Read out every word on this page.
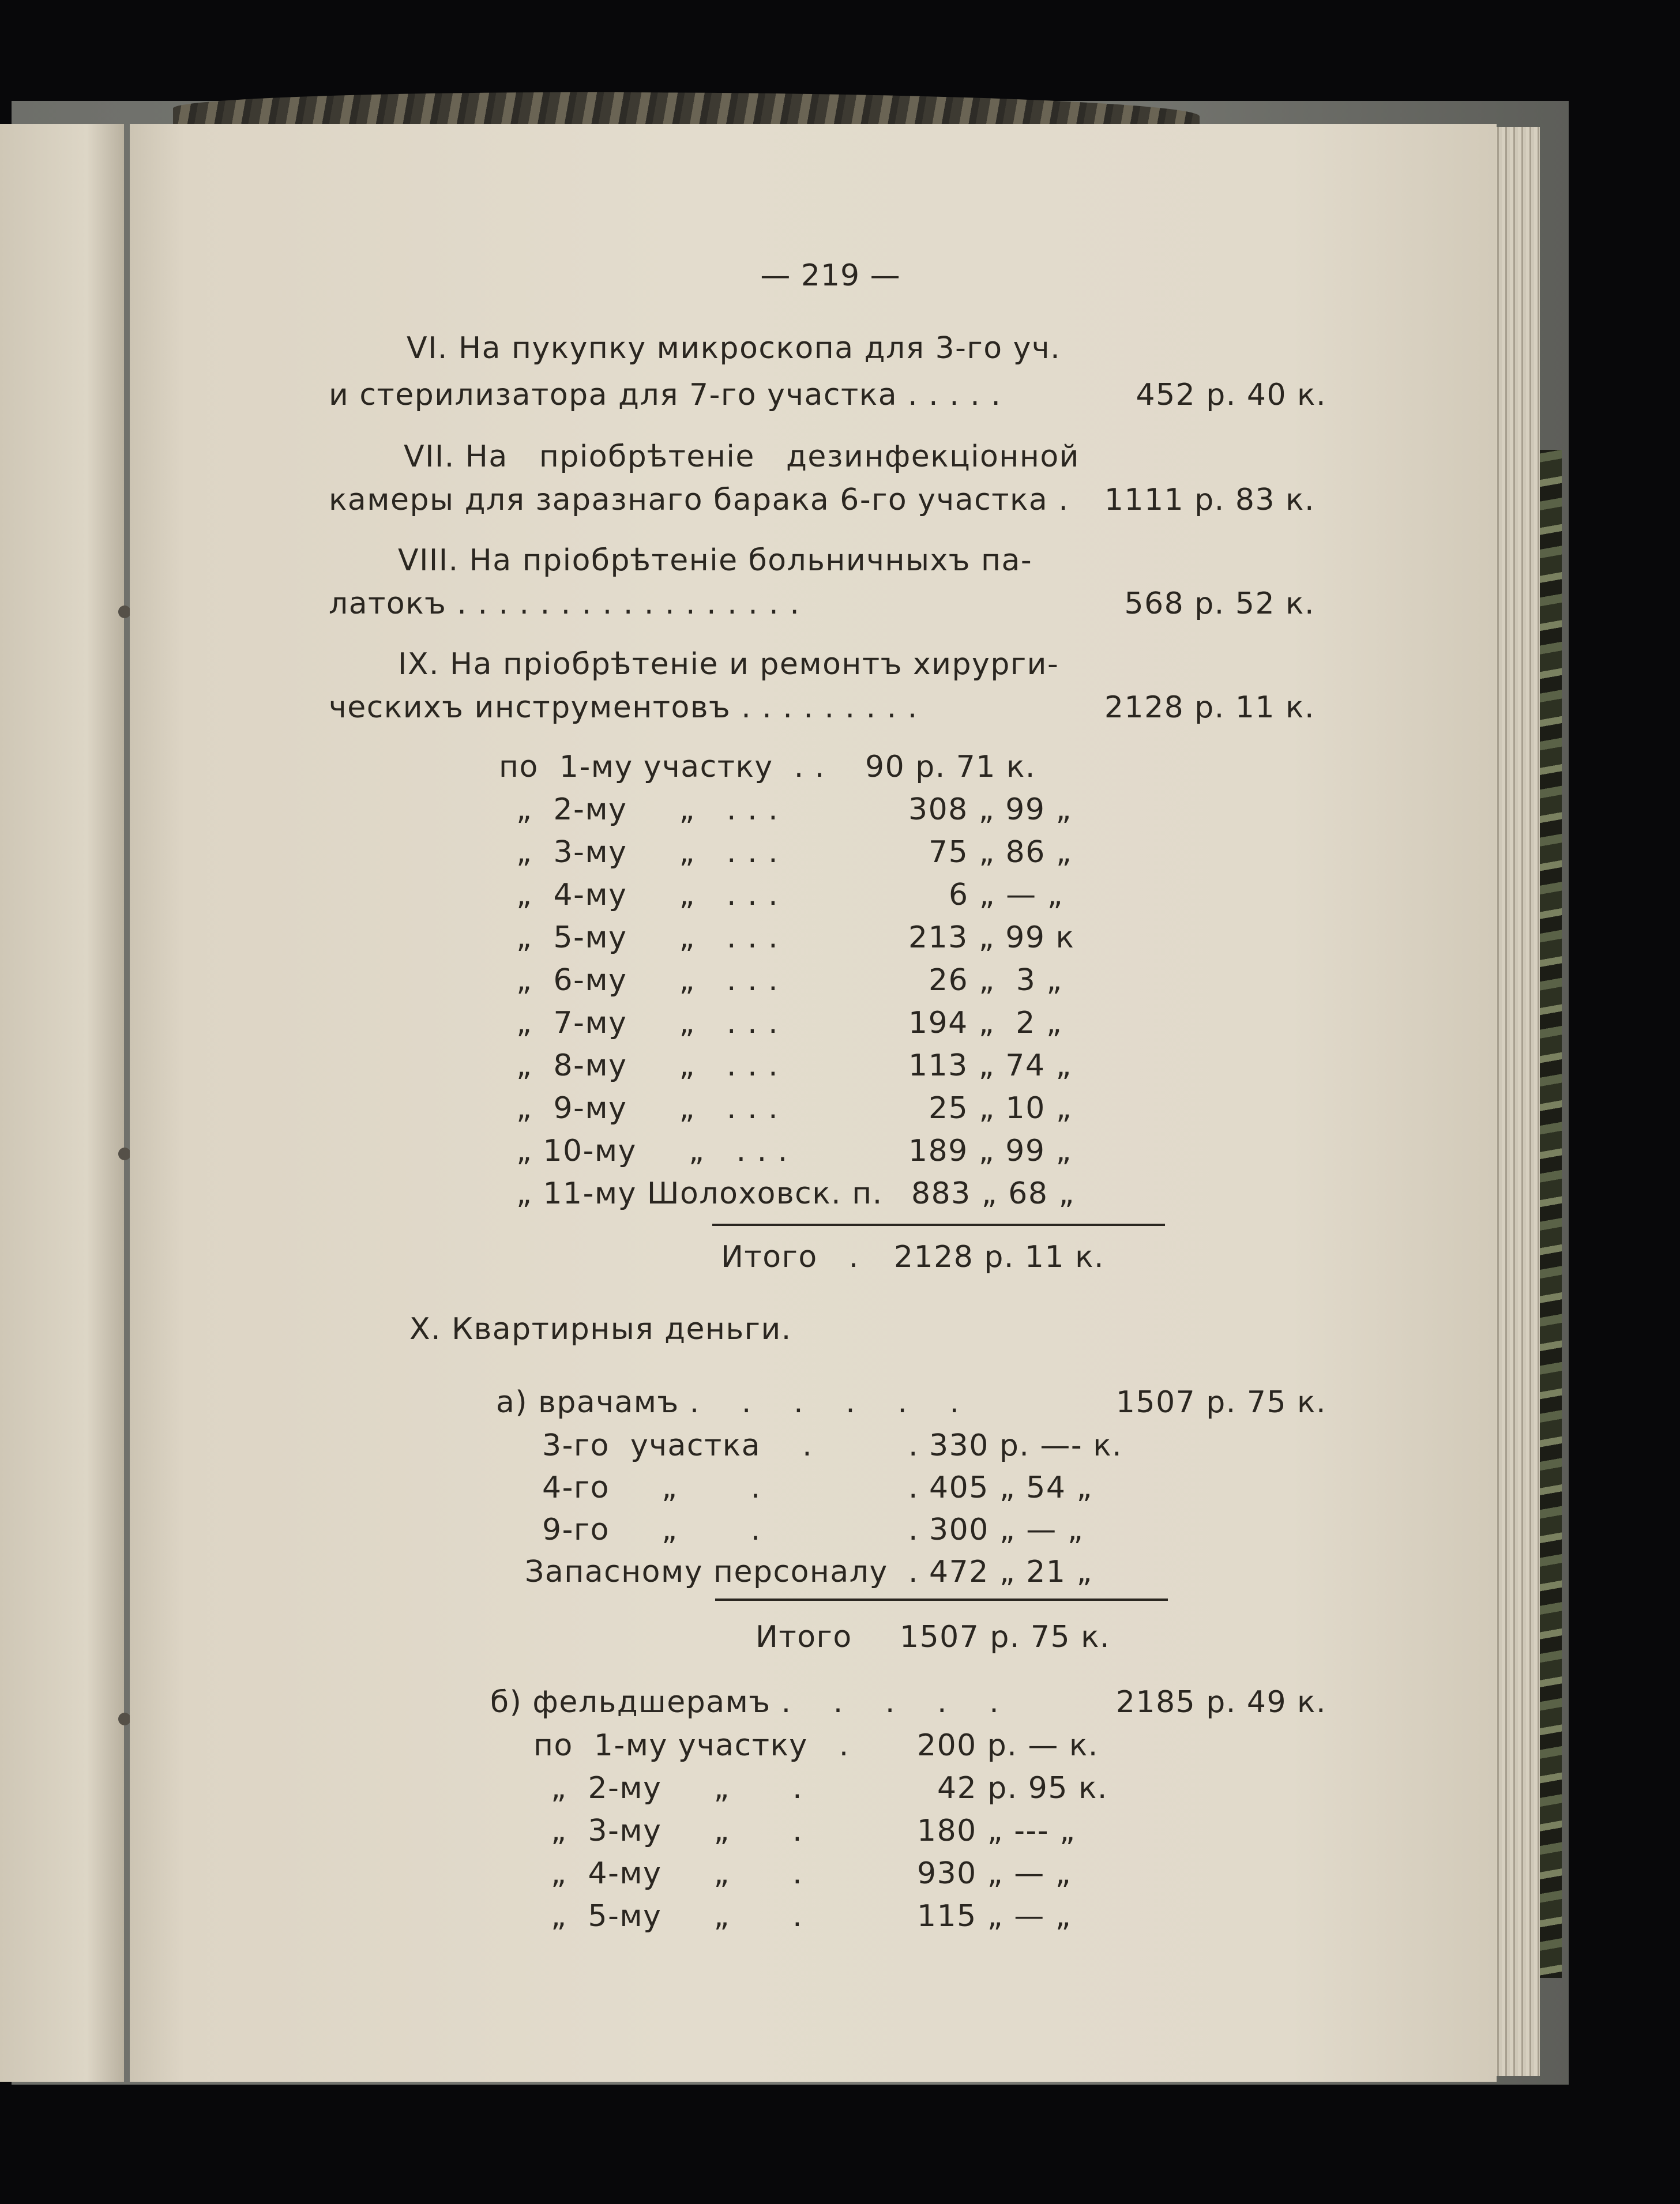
— 219 —
VI. На пукупку микроскопа для 3-го уч.
и стерилизатора для 7-го участка . . . . .	452 р. 40 к.
VII. На   пріобрѣтеніе   дезинфекціонной
камеры для заразнаго барака 6-го участка .	1111 р. 83 к.
VIII. На пріобрѣтеніе больничныхъ па-
латокъ . . . . . . . . . . . . . . . . .	568 р. 52 к.
IX. На пріобрѣтеніе и ремонтъ хирурги-
ческихъ инструментовъ . . . . . . . . .	2128 р. 11 к.
по  1-му участку  . . 90 р. 71 к.
„  2-му     „   . . .	308 „ 99 „
„  3-му     „   . . .	75 „ 86 „
„  4-му     „   . . .	6 „ — „
„  5-му     „   . . .	213 „ 99 к
„  6-му     „   . . .	26 „  3 „
„  7-му     „   . . .	194 „  2 „
„  8-му     „   . . .	113 „ 74 „
„  9-му     „   . . .	25 „ 10 „
„ 10-му     „   . . .	189 „ 99 „
„ 11-му Шолоховск. п. 883 „ 68 „
Итого   . 2128 р. 11 к.
X. Квартирныя деньги.
а) врачамъ .    .    .    .    .    .	1507 р. 75 к.
3-го  участка    .	. 330 р. —- к.
4-го     „       .	. 405 „ 54 „
9-го     „       .	. 300 „ — „
Запасному персоналу . 472 „ 21 „
Итого 1507 р. 75 к.
б) фельдшерамъ .    .    .    .    .	2185 р. 49 к.
по  1-му участку   . 200 р. — к.
„  2-му     „      .	42 р. 95 к.
„  3-му     „      .	180 „ --- „
„  4-му     „      .	930 „ — „
„  5-му     „      .	115 „ — „
